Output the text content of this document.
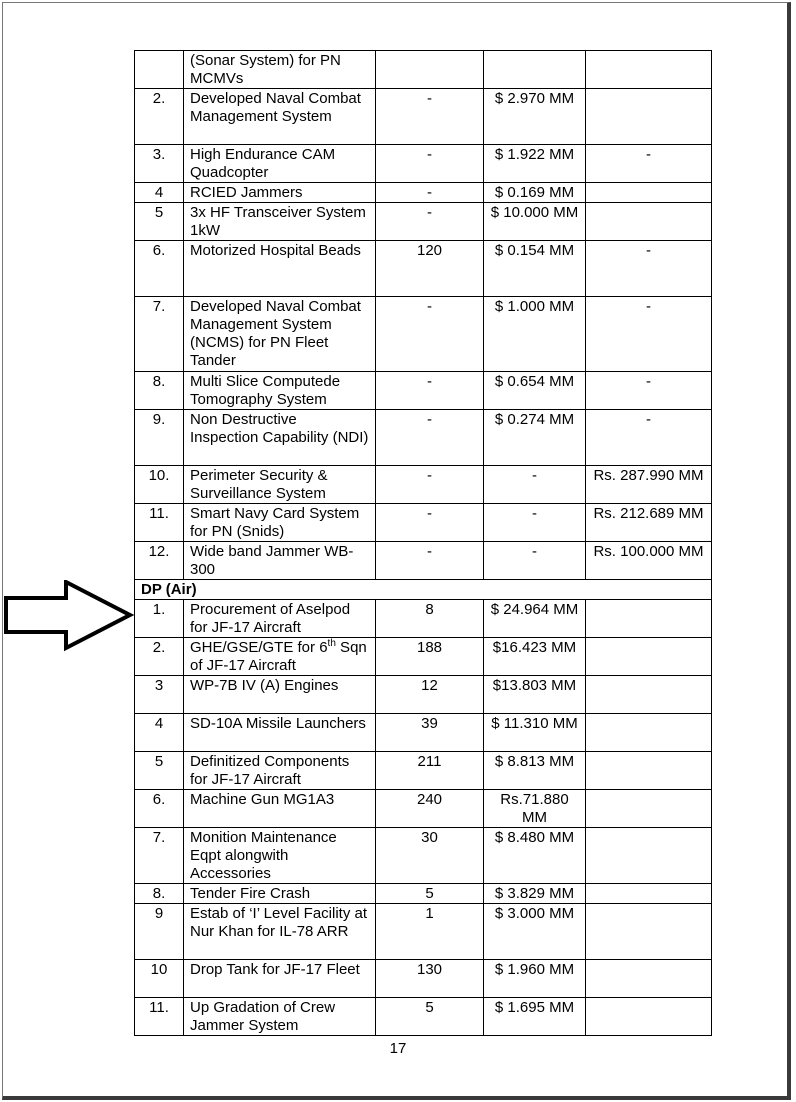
	(Sonar System) for PN MCMVs			
2.	Developed Naval Combat Management System	-	$ 2.970 MM	
3.	High Endurance CAM Quadcopter	-	$ 1.922 MM	-
4	RCIED Jammers	-	$ 0.169 MM	
5	3x HF Transceiver System 1kW	-	$ 10.000 MM	
6.	Motorized Hospital Beads	120	$ 0.154 MM	-
7.	Developed Naval Combat Management System (NCMS) for PN Fleet Tander	-	$ 1.000 MM	-
8.	Multi Slice Computede Tomography System	-	$ 0.654 MM	-
9.	Non Destructive Inspection Capability (NDI)	-	$ 0.274 MM	-
10.	Perimeter Security & Surveillance System	-	-	Rs. 287.990 MM
11.	Smart Navy Card System for PN (Snids)	-	-	Rs. 212.689 MM
12.	Wide band Jammer WB-300	-	-	Rs. 100.000 MM
DP (Air)				
1.	Procurement of Aselpod for JF-17 Aircraft	8	$ 24.964 MM	
2.	GHE/GSE/GTE for 6th Sqn of JF-17 Aircraft	188	$16.423 MM	
3	WP-7B IV (A) Engines	12	$13.803 MM	
4	SD-10A Missile Launchers	39	$ 11.310 MM	
5	Definitized Components for JF-17 Aircraft	211	$ 8.813 MM	
6.	Machine Gun MG1A3	240	Rs.71.880 MM	
7.	Monition Maintenance Eqpt alongwith Accessories	30	$ 8.480 MM	
8.	Tender Fire Crash	5	$ 3.829 MM	
9	Estab of ‘I’ Level Facility at Nur Khan for IL-78 ARR	1	$ 3.000 MM	
10	Drop Tank for JF-17 Fleet	130	$ 1.960 MM	
11.	Up Gradation of Crew Jammer System	5	$ 1.695 MM	
17
